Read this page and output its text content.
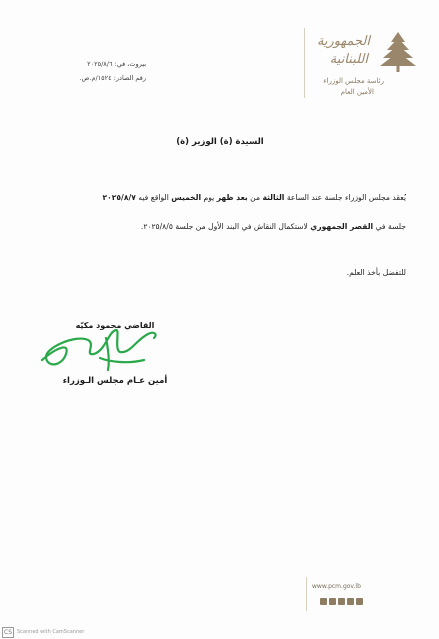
الجمهورية
اللبنانية
رئاسة مجلس الوزراء
الأمين العام
بيروت، في: ٢٠٢٥/٨/٦
رقم الصادر: ١٥٢٤/م.ص.
السيدة (ة) الوزير (ة)
يُعقد مجلس الوزراء جلسة عند الساعة الثالثة من بعد ظهر يوم الخميس الواقع فيه ٢٠٢٥/٨/٧
جلسة في القصر الجمهوري لاستكمال النقاش في البند الأول من جلسة ٢٠٢٥/٨/٥.
للتفضل بأخذ العلم.
القاضي محمود مكيّه
أمين عـام مجلس الـوزراء
www.pcm.gov.lb
CS	Scanned with CamScanner
